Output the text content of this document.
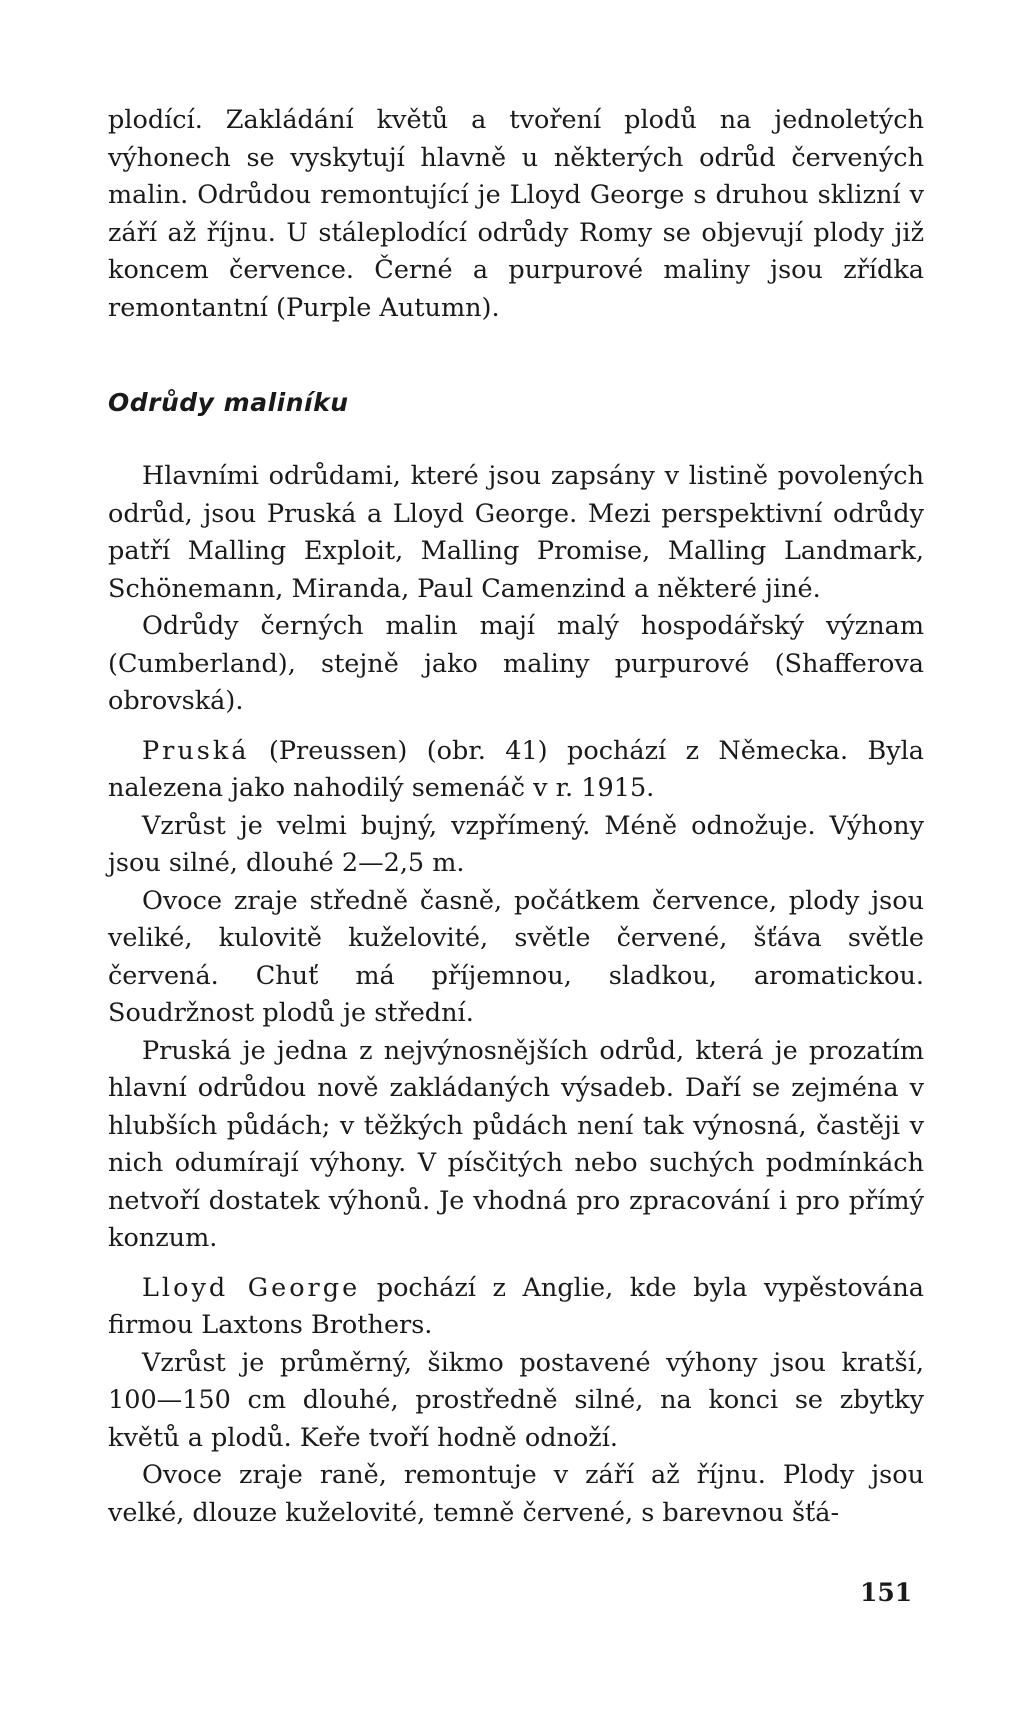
plodící. Zakládání květů a tvoření plodů na jednoletých výhonech se vyskytují hlavně u některých odrůd červených malin. Odrůdou remontující je Lloyd George s druhou sklizní v září až říjnu. U stáleplodící odrůdy Romy se objevují plody již koncem července. Černé a purpurové maliny jsou zřídka remontantní (Purple Autumn).

Odrůdy maliníku

Hlavními odrůdami, které jsou zapsány v listině povolených odrůd, jsou Pruská a Lloyd George. Mezi perspektivní odrůdy patří Malling Exploit, Malling Promise, Malling Landmark, Schönemann, Miranda, Paul Camenzind a některé jiné.

Odrůdy černých malin mají malý hospodářský význam (Cumberland), stejně jako maliny purpurové (Shafferova obrovská).

Pruská (Preussen) (obr. 41) pochází z Německa. Byla nalezena jako nahodilý semenáč v r. 1915.

Vzrůst je velmi bujný, vzpřímený. Méně odnožuje. Výhony jsou silné, dlouhé 2—2,5 m.

Ovoce zraje středně časně, počátkem července, plody jsou veliké, kulovitě kuželovité, světle červené, šťáva světle červená. Chuť má příjemnou, sladkou, aromatickou. Soudržnost plodů je střední.

Pruská je jedna z nejvýnosnějších odrůd, která je prozatím hlavní odrůdou nově zakládaných výsadeb. Daří se zejména v hlubších půdách; v těžkých půdách není tak výnosná, častěji v nich odumírají výhony. V písčitých nebo suchých podmínkách netvoří dostatek výhonů. Je vhodná pro zpracování i pro přímý konzum.

Lloyd George pochází z Anglie, kde byla vypěstována firmou Laxtons Brothers.

Vzrůst je průměrný, šikmo postavené výhony jsou kratší, 100—150 cm dlouhé, prostředně silné, na konci se zbytky květů a plodů. Keře tvoří hodně odnoží.

Ovoce zraje raně, remontuje v září až říjnu. Plody jsou velké, dlouze kuželovité, temně červené, s barevnou šťá-

151
